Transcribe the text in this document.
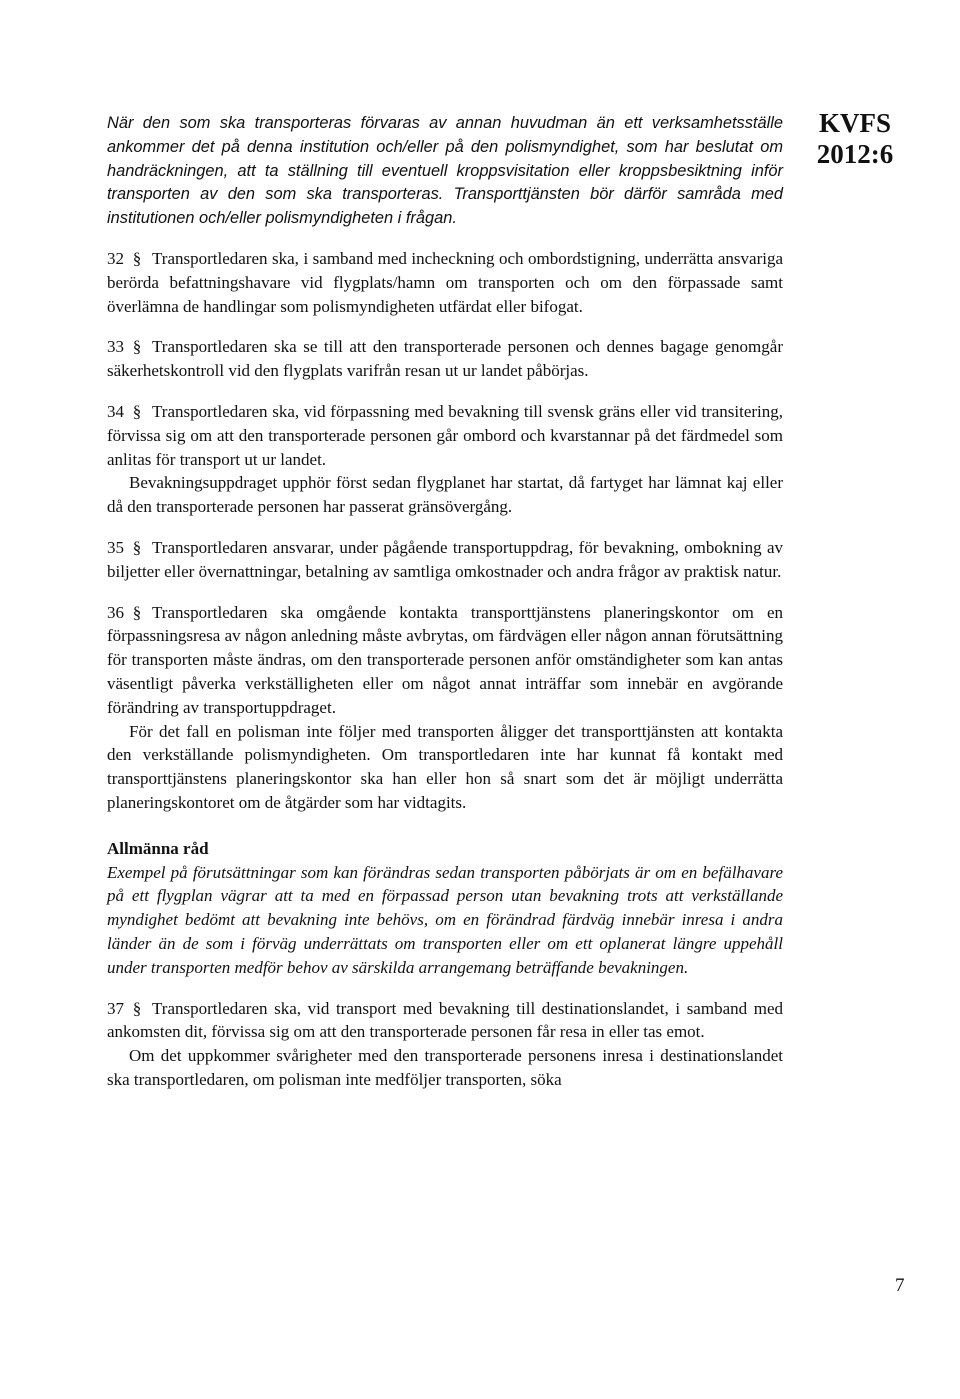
KVFS
2012:6

När den som ska transporteras förvaras av annan huvudman än ett verksamhetsställe ankommer det på denna institution och/eller på den polismyndighet, som har beslutat om handräckningen, att ta ställning till eventuell kroppsvisitation eller kroppsbesiktning inför transporten av den som ska transporteras. Transporttjänsten bör därför samråda med institutionen och/eller polismyndigheten i frågan.

32 § Transportledaren ska, i samband med incheckning och ombordstigning, underrätta ansvariga berörda befattningshavare vid flygplats/hamn om transporten och om den förpassade samt överlämna de handlingar som polismyndigheten utfärdat eller bifogat.

33 § Transportledaren ska se till att den transporterade personen och dennes bagage genomgår säkerhetskontroll vid den flygplats varifrån resan ut ur landet påbörjas.

34 § Transportledaren ska, vid förpassning med bevakning till svensk gräns eller vid transitering, förvissa sig om att den transporterade personen går ombord och kvarstannar på det färdmedel som anlitas för transport ut ur landet.

Bevakningsuppdraget upphör först sedan flygplanet har startat, då fartyget har lämnat kaj eller då den transporterade personen har passerat gränsövergång.

35 § Transportledaren ansvarar, under pågående transportuppdrag, för bevakning, ombokning av biljetter eller övernattningar, betalning av samtliga omkostnader och andra frågor av praktisk natur.

36 § Transportledaren ska omgående kontakta transporttjänstens planeringskontor om en förpassningsresa av någon anledning måste avbrytas, om färdvägen eller någon annan förutsättning för transporten måste ändras, om den transporterade personen anför omständigheter som kan antas väsentligt påverka verkställigheten eller om något annat inträffar som innebär en avgörande förändring av transportuppdraget.

För det fall en polisman inte följer med transporten åligger det transporttjänsten att kontakta den verkställande polismyndigheten. Om transportledaren inte har kunnat få kontakt med transporttjänstens planeringskontor ska han eller hon så snart som det är möjligt underrätta planeringskontoret om de åtgärder som har vidtagits.

Allmänna råd

Exempel på förutsättningar som kan förändras sedan transporten påbörjats är om en befälhavare på ett flygplan vägrar att ta med en förpassad person utan bevakning trots att verkställande myndighet bedömt att bevakning inte behövs, om en förändrad färdväg innebär inresa i andra länder än de som i förväg underrättats om transporten eller om ett oplanerat längre uppehåll under transporten medför behov av särskilda arrangemang beträffande bevakningen.

37 § Transportledaren ska, vid transport med bevakning till destinationslandet, i samband med ankomsten dit, förvissa sig om att den transporterade personen får resa in eller tas emot.

Om det uppkommer svårigheter med den transporterade personens inresa i destinationslandet ska transportledaren, om polisman inte medföljer transporten, söka

7
